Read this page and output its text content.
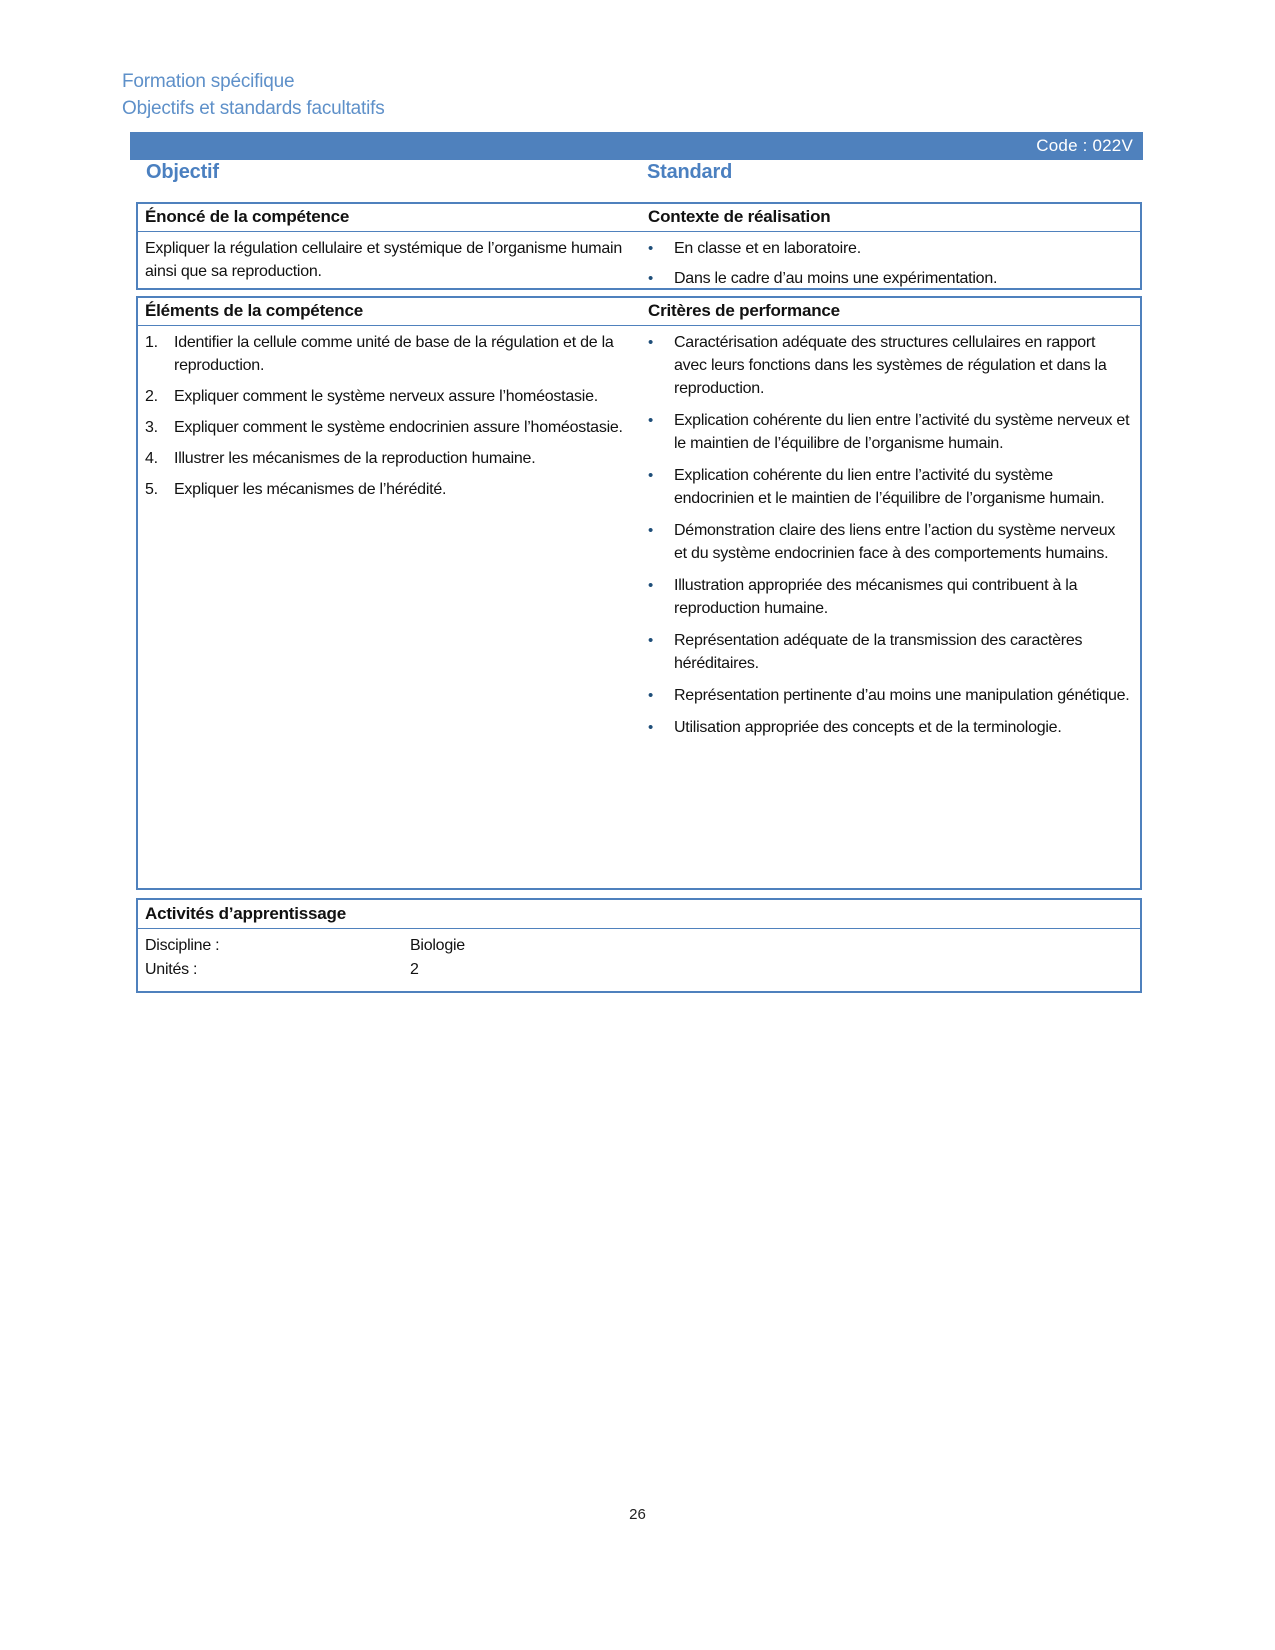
Formation spécifique
Objectifs et standards facultatifs
Code : 022V
Objectif	Standard
Énoncé de la compétence	Contexte de réalisation
Expliquer la régulation cellulaire et systémique de l’organisme humain ainsi que sa reproduction.
•	En classe et en laboratoire.
•	Dans le cadre d’au moins une expérimentation.
Éléments de la compétence	Critères de performance
1.	Identifier la cellule comme unité de base de la régulation et de la reproduction.
2.	Expliquer comment le système nerveux assure l’homéostasie.
3.	Expliquer comment le système endocrinien assure l’homéostasie.
4.	Illustrer les mécanismes de la reproduction humaine.
5.	Expliquer les mécanismes de l’hérédité.
•	Caractérisation adéquate des structures cellulaires en rapport avec leurs fonctions dans les systèmes de régulation et dans la reproduction.
•	Explication cohérente du lien entre l’activité du système nerveux et le maintien de l’équilibre de l’organisme humain.
•	Explication cohérente du lien entre l’activité du système endocrinien et le maintien de l’équilibre de l’organisme humain.
•	Démonstration claire des liens entre l’action du système nerveux et du système endocrinien face à des comportements humains.
•	Illustration appropriée des mécanismes qui contribuent à la reproduction humaine.
•	Représentation adéquate de la transmission des caractères héréditaires.
•	Représentation pertinente d’au moins une manipulation génétique.
•	Utilisation appropriée des concepts et de la terminologie.
Activités d’apprentissage
Discipline :	Biologie
Unités :	2
26
